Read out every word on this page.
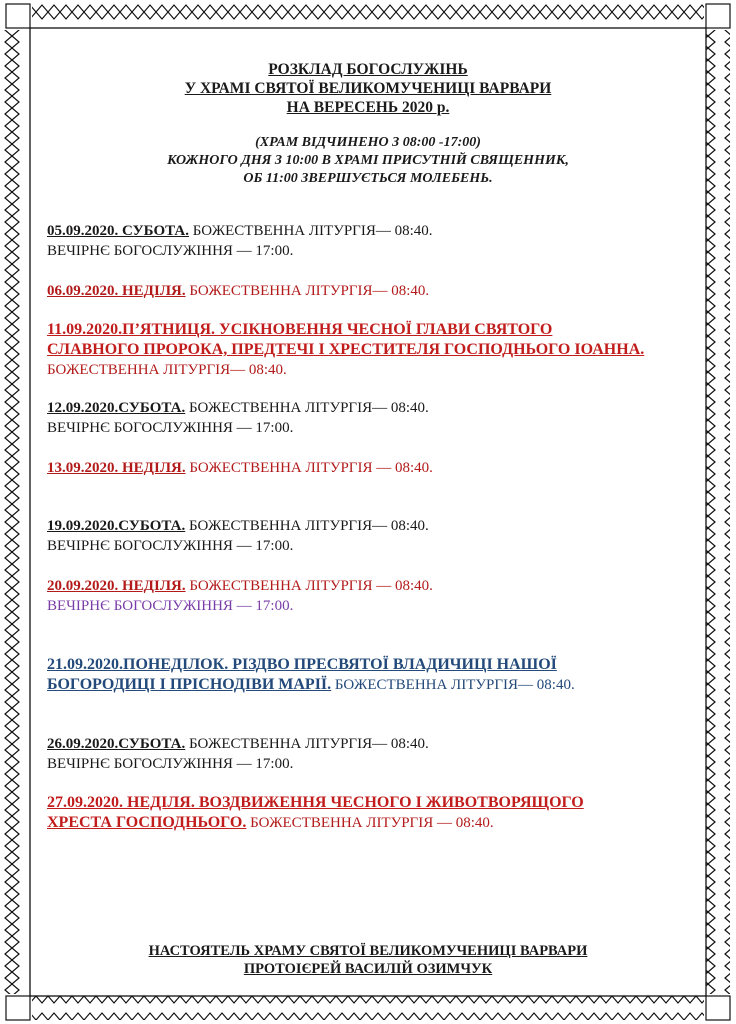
РОЗКЛАД БОГОСЛУЖІНЬ
У ХРАМІ СВЯТОЇ ВЕЛИКОМУЧЕНИЦІ ВАРВАРИ
НА ВЕРЕСЕНЬ 2020 р.
(ХРАМ ВІДЧИНЕНО З 08:00 -17:00)
КОЖНОГО ДНЯ З 10:00 В ХРАМІ ПРИСУТНІЙ СВЯЩЕННИК,
ОБ 11:00 ЗВЕРШУЄТЬСЯ МОЛЕБЕНЬ.
05.09.2020. СУБОТА. БОЖЕСТВЕННА ЛІТУРГІЯ— 08:40.
ВЕЧІРНЄ БОГОСЛУЖІННЯ — 17:00.
06.09.2020. НЕДІЛЯ. БОЖЕСТВЕННА ЛІТУРГІЯ— 08:40.
11.09.2020.П’ЯТНИЦЯ. УСІКНОВЕННЯ ЧЕСНОЇ ГЛАВИ СВЯТОГО
СЛАВНОГО ПРОРОКА, ПРЕДТЕЧІ І ХРЕСТИТЕЛЯ ГОСПОДНЬОГО ІОАННА.
БОЖЕСТВЕННА ЛІТУРГІЯ— 08:40.
12.09.2020.СУБОТА. БОЖЕСТВЕННА ЛІТУРГІЯ— 08:40.
ВЕЧІРНЄ БОГОСЛУЖІННЯ — 17:00.
13.09.2020. НЕДІЛЯ. БОЖЕСТВЕННА ЛІТУРГІЯ — 08:40.
19.09.2020.СУБОТА. БОЖЕСТВЕННА ЛІТУРГІЯ— 08:40.
ВЕЧІРНЄ БОГОСЛУЖІННЯ — 17:00.
20.09.2020. НЕДІЛЯ. БОЖЕСТВЕННА ЛІТУРГІЯ — 08:40.
ВЕЧІРНЄ БОГОСЛУЖІННЯ — 17:00.
21.09.2020.ПОНЕДІЛОК. РІЗДВО ПРЕСВЯТОЇ ВЛАДИЧИЦІ НАШОЇ
БОГОРОДИЦІ І ПРІСНОДІВИ МАРІЇ. БОЖЕСТВЕННА ЛІТУРГІЯ— 08:40.
26.09.2020.СУБОТА. БОЖЕСТВЕННА ЛІТУРГІЯ— 08:40.
ВЕЧІРНЄ БОГОСЛУЖІННЯ — 17:00.
27.09.2020. НЕДІЛЯ. ВОЗДВИЖЕННЯ ЧЕСНОГО І ЖИВОТВОРЯЩОГО
ХРЕСТА ГОСПОДНЬОГО. БОЖЕСТВЕННА ЛІТУРГІЯ — 08:40.
НАСТОЯТЕЛЬ ХРАМУ СВЯТОЇ ВЕЛИКОМУЧЕНИЦІ ВАРВАРИ
ПРОТОІЄРЕЙ ВАСИЛІЙ ОЗИМЧУК
